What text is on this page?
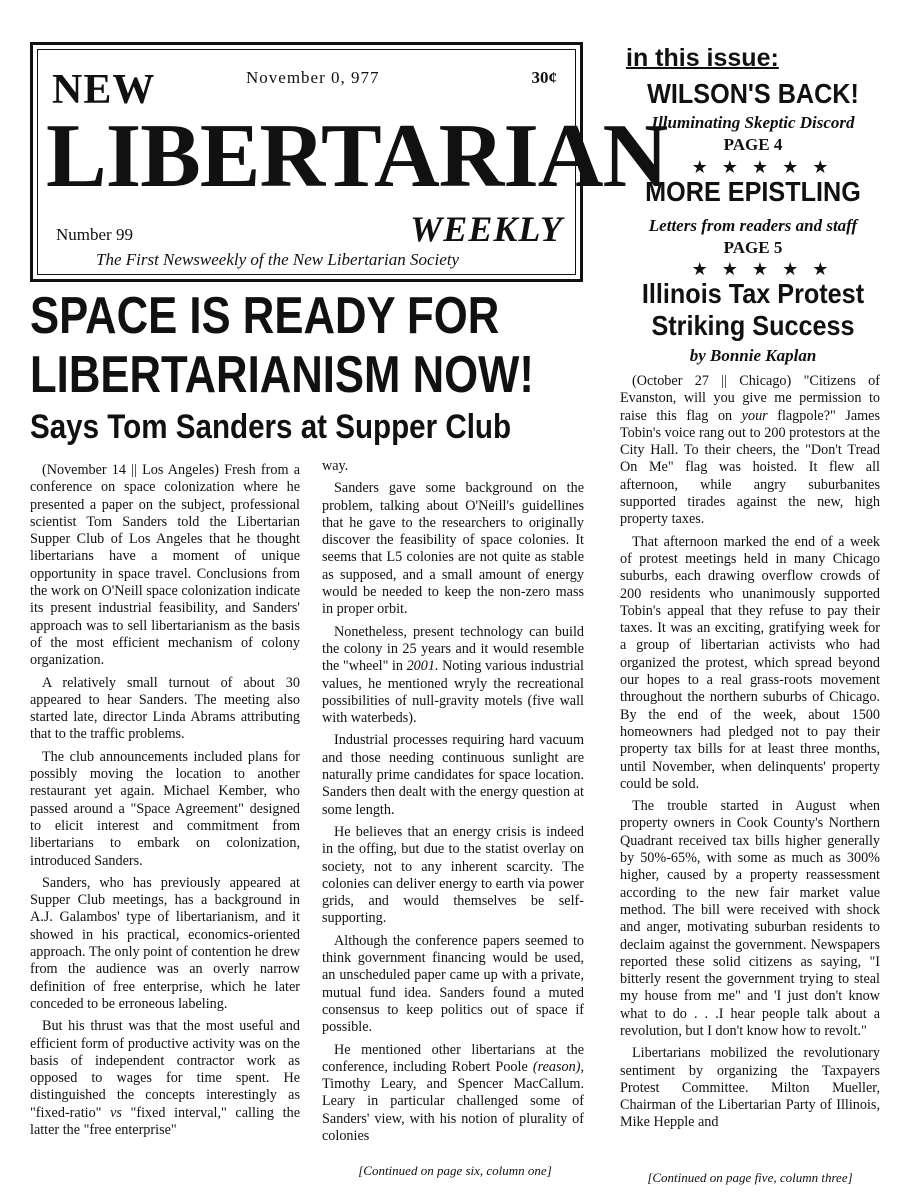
NEW	November 0, 977	30¢
LIBERTARIAN
Number 99	WEEKLY
The First Newsweekly of the New Libertarian Society
SPACE IS READY FOR
LIBERTARIANISM NOW!
Says Tom Sanders at Supper Club

(November 14 || Los Angeles) Fresh from a conference on space colonization where he presented a paper on the subject, professional scientist Tom Sanders told the Libertarian Supper Club of Los Angeles that he thought libertarians have a moment of unique opportunity in space travel. Conclusions from the work on O'Neill space colonization indicate its present industrial feasibility, and Sanders' approach was to sell libertarianism as the basis of the most efficient mechanism of colony organization.

A relatively small turnout of about 30 appeared to hear Sanders. The meeting also started late, director Linda Abrams attributing that to the traffic problems.

The club announcements included plans for possibly moving the location to another restaurant yet again. Michael Kember, who passed around a "Space Agreement" designed to elicit interest and commitment from libertarians to embark on colonization, introduced Sanders.

Sanders, who has previously appeared at Supper Club meetings, has a background in A.J. Galambos' type of libertarianism, and it showed in his practical, economics-oriented approach. The only point of contention he drew from the audience was an overly narrow definition of free enterprise, which he later conceded to be erroneous labeling.

But his thrust was that the most useful and efficient form of productive activity was on the basis of independent contractor work as opposed to wages for time spent. He distinguished the concepts interestingly as "fixed-ratio" vs "fixed interval," calling the latter the "free enterprise"

way.

Sanders gave some background on the problem, talking about O'Neill's guidellines that he gave to the researchers to originally discover the feasibility of space colonies. It seems that L5 colonies are not quite as stable as supposed, and a small amount of energy would be needed to keep the non-zero mass in proper orbit.

Nonetheless, present technology can build the colony in 25 years and it would resemble the "wheel" in 2001. Noting various industrial values, he mentioned wryly the recreational possibilities of null-gravity motels (five wall with waterbeds).

Industrial processes requiring hard vacuum and those needing continuous sunlight are naturally prime candidates for space location. Sanders then dealt with the energy question at some length.

He believes that an energy crisis is indeed in the offing, but due to the statist overlay on society, not to any inherent scarcity. The colonies can deliver energy to earth via power grids, and would themselves be self-supporting.

Although the conference papers seemed to think government financing would be used, an unscheduled paper came up with a private, mutual fund idea. Sanders found a muted consensus to keep politics out of space if possible.

He mentioned other libertarians at the conference, including Robert Poole (reason), Timothy Leary, and Spencer MacCallum. Leary in particular challenged some of Sanders' view, with his notion of plurality of colonies

[Continued on page six, column one]
in this issue:
WILSON'S BACK!
Illuminating Skeptic Discord
PAGE 4
★★★★★
MORE EPISTLING
Letters from readers and staff
PAGE 5
★★★★★
Illinois Tax Protest
Striking Success
by Bonnie Kaplan

(October 27 || Chicago) "Citizens of Evanston, will you give me permission to raise this flag on your flagpole?" James Tobin's voice rang out to 200 protestors at the City Hall. To their cheers, the "Don't Tread On Me" flag was hoisted. It flew all afternoon, while angry suburbanites supported tirades against the new, high property taxes.

That afternoon marked the end of a week of protest meetings held in many Chicago suburbs, each drawing overflow crowds of 200 residents who unanimously supported Tobin's appeal that they refuse to pay their taxes. It was an exciting, gratifying week for a group of libertarian activists who had organized the protest, which spread beyond our hopes to a real grass-roots movement throughout the northern suburbs of Chicago. By the end of the week, about 1500 homeowners had pledged not to pay their property tax bills for at least three months, until November, when delinquents' property could be sold.

The trouble started in August when property owners in Cook County's Northern Quadrant received tax bills higher generally by 50%-65%, with some as much as 300% higher, caused by a property reassessment according to the new fair market value method. The bill were received with shock and anger, motivating suburban residents to declaim against the government. Newspapers reported these solid citizens as saying, "I bitterly resent the government trying to steal my house from me" and 'I just don't know what to do . . .I hear people talk about a revolution, but I don't know how to revolt."

Libertarians mobilized the revolutionary sentiment by organizing the Taxpayers Protest Committee. Milton Mueller, Chairman of the Libertarian Party of Illinois, Mike Hepple and

[Continued on page five, column three]
